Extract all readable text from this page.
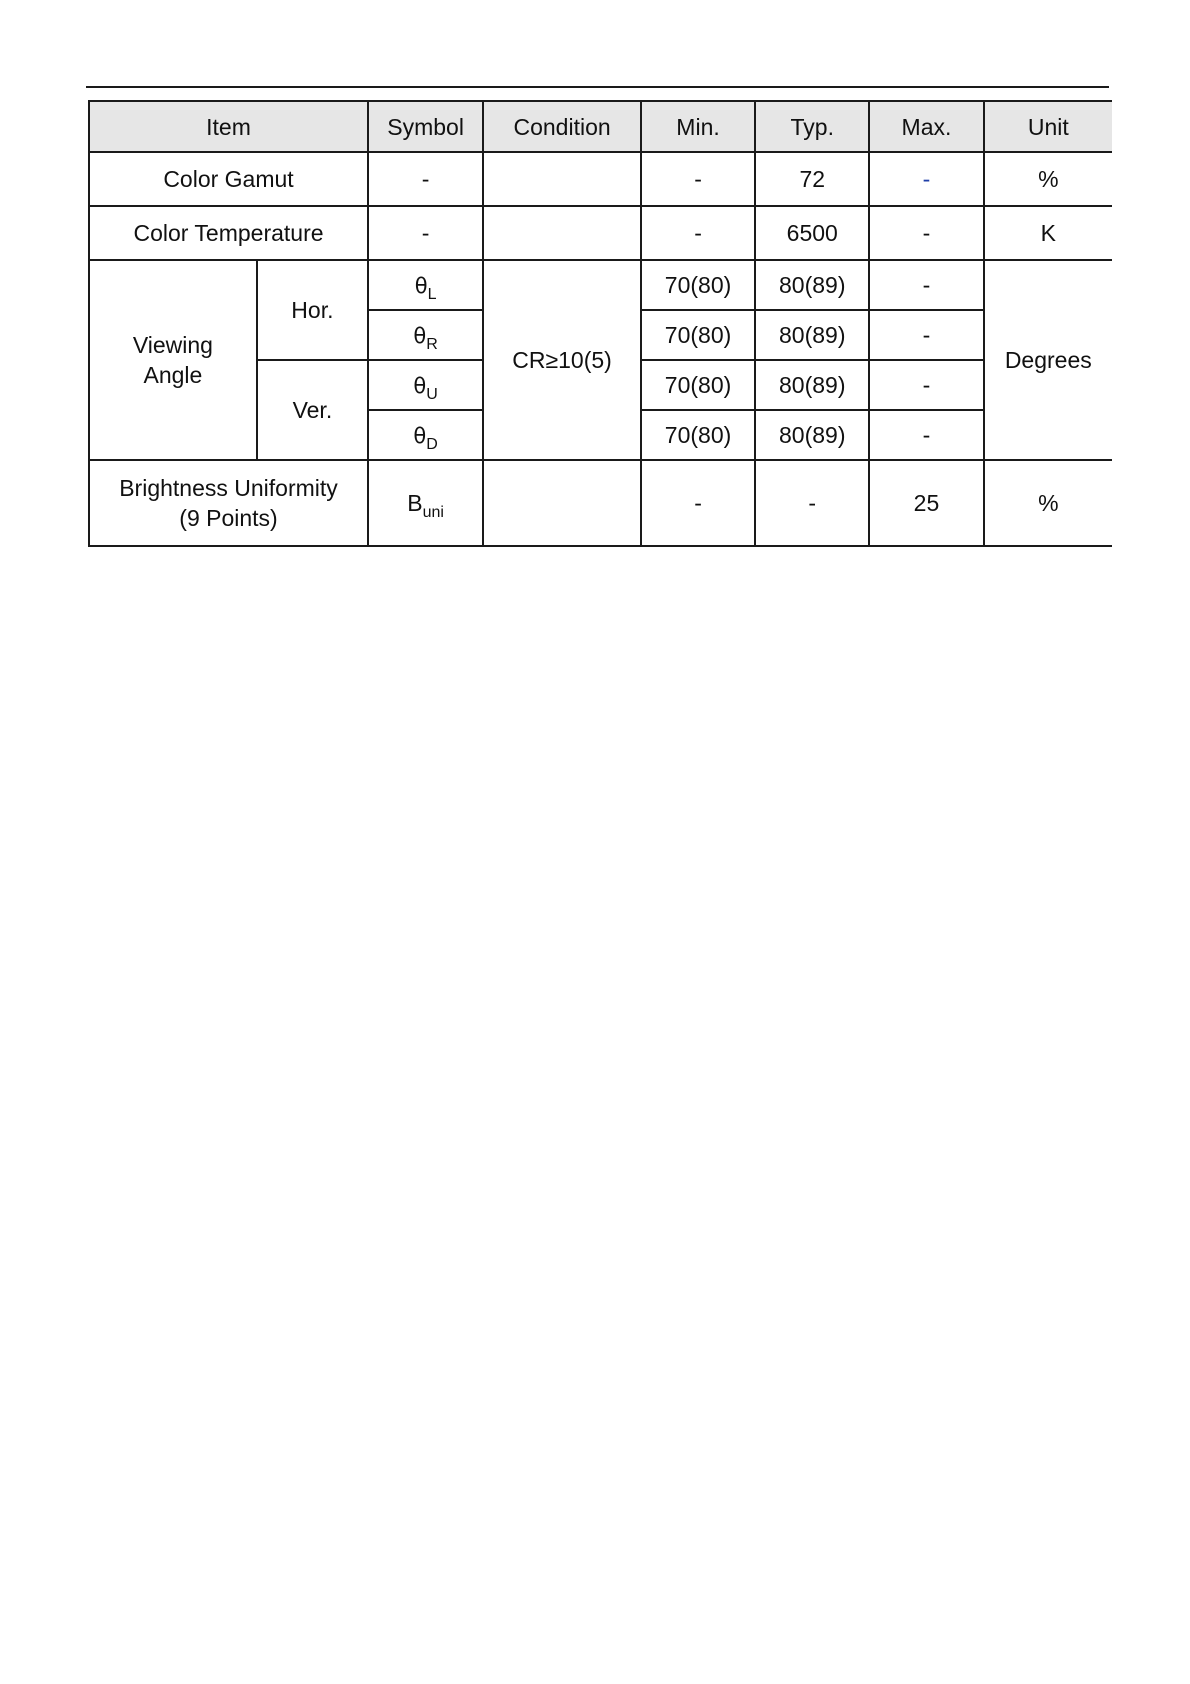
Item		Symbol	Condition	Min.	Typ.	Max.	Unit
Color Gamut		-		-	72	-	%
Color Temperature		-		-	6500	-	K

Viewing
Angle	Hor.	$\theta_L$	CR≥10(5)	70(80)	80(89)	-	Degrees
		$\theta_R$		70(80)	80(89)	-	
	Ver.	$\theta_U$		70(80)	80(89)	-	
		$\theta_D$		70(80)	80(89)	-	

Brightness Uniformity
(9 Points)		$B_{uni}$		-	-	25	%
